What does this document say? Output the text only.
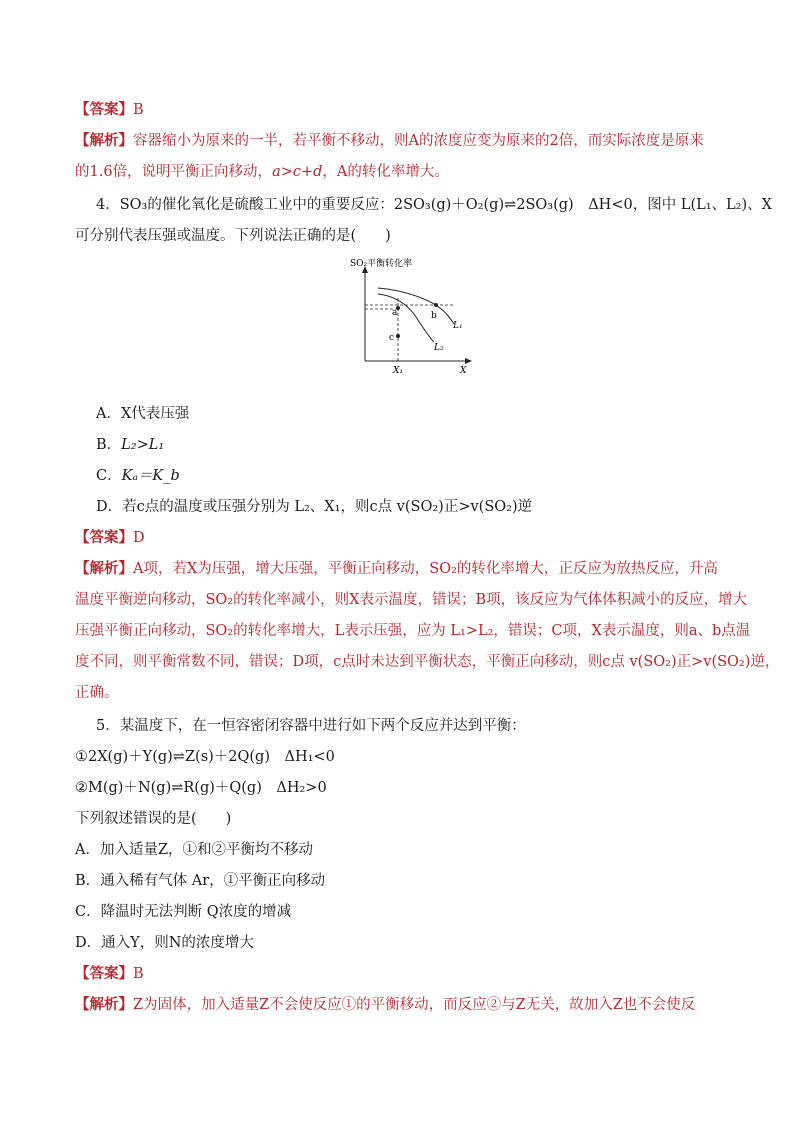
【答案】B
【解析】容器缩小为原来的一半，若平衡不移动，则A的浓度应变为原来的2倍，而实际浓度是原来
的1.6倍，说明平衡正向移动，a>c+d，A的转化率增大。
4．SO₃的催化氧化是硫酸工业中的重要反应：2SO₃(g)＋O₂(g)⇌2SO₃(g)　ΔH<0，图中 L(L₁、L₂)、X
可分别代表压强或温度。下列说法正确的是(　　)
SO₂平衡转化率
a	b
c
L₁
L₂
X₁	X
A．X代表压强
B．L₂>L₁
C．Kₐ＝K_b
D．若c点的温度或压强分别为 L₂、X₁，则c点 v(SO₂)正>v(SO₂)逆
【答案】D
【解析】A项，若X为压强，增大压强，平衡正向移动，SO₂的转化率增大，正反应为放热反应，升高
温度平衡逆向移动，SO₂的转化率减小，则X表示温度，错误；B项，该反应为气体体积减小的反应，增大
压强平衡正向移动，SO₂的转化率增大，L表示压强，应为 L₁>L₂，错误；C项，X表示温度，则a、b点温
度不同，则平衡常数不同，错误；D项，c点时未达到平衡状态，平衡正向移动，则c点 v(SO₂)正>v(SO₂)逆，
正确。
5．某温度下，在一恒容密闭容器中进行如下两个反应并达到平衡：
①2X(g)＋Y(g)⇌Z(s)＋2Q(g)　ΔH₁<0
②M(g)＋N(g)⇌R(g)＋Q(g)　ΔH₂>0
下列叙述错误的是(　　)
A．加入适量Z，①和②平衡均不移动
B．通入稀有气体 Ar，①平衡正向移动
C．降温时无法判断 Q浓度的增减
D．通入Y，则N的浓度增大
【答案】B
【解析】Z为固体，加入适量Z不会使反应①的平衡移动，而反应②与Z无关，故加入Z也不会使反
